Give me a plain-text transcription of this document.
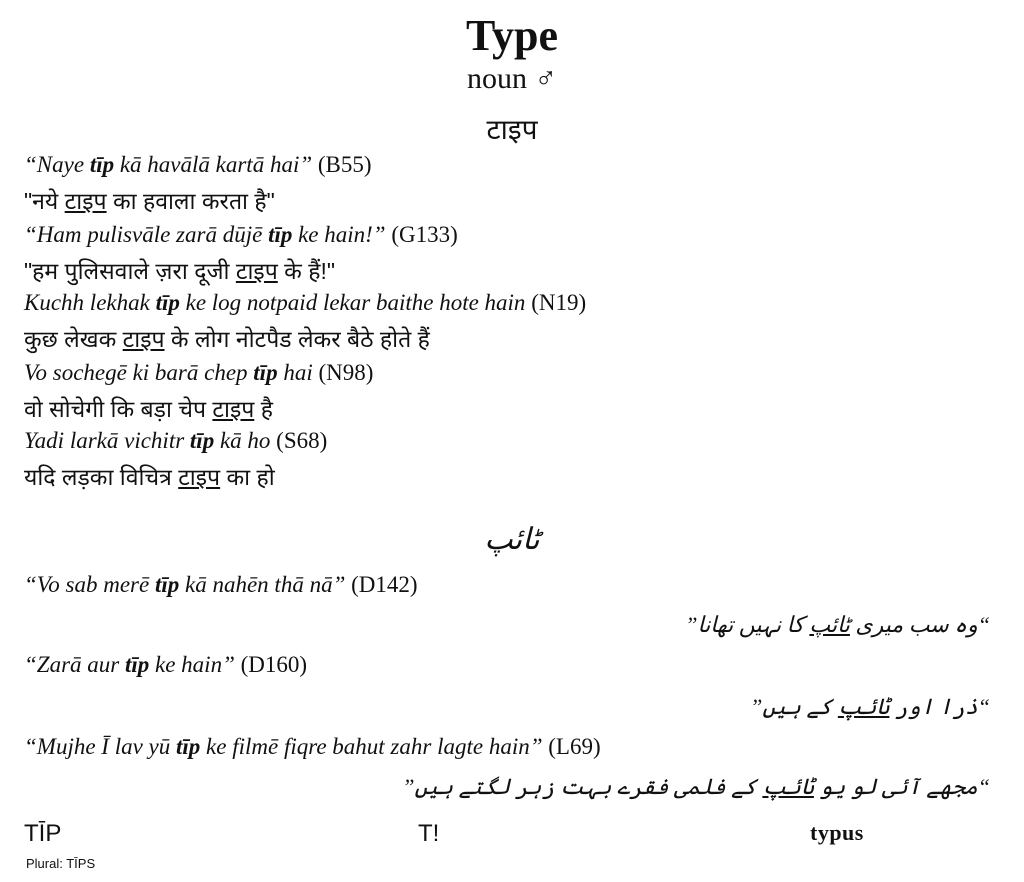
Type
noun ♂
टाइप
“Naye tīp kā havālā kartā hai” (B55)
"नये टाइप का हवाला करता है"
“Ham pulisvāle zarā dūjē tīp ke hain!” (G133)
"हम पुलिसवाले ज़रा दूजी टाइप के हैं!"
Kuchh lekhak tīp ke log notpaid lekar baithe hote hain (N19)
कुछ लेखक टाइप के लोग नोटपैड लेकर बैठे होते हैं
Vo sochegē ki barā chep tīp hai (N98)
वो सोचेगी कि बड़ा चेप टाइप है
Yadi larkā vichitr tīp kā ho (S68)
यदि लड़का विचित्र टाइप का हो
ٹائپ
“Vo sab merē tīp kā nahēn thā nā” (D142)
“وہ سب میری ٹائپ کا نہیں تھانا”
“Zarā aur tīp ke hain” (D160)
“ذرا اور ٹائپ کے ہیں”
“Mujhe Ī lav yū tīp ke filmē fiqre bahut zahr lagte hain” (L69)
“مجھے آئی لو یو ٹائپ کے فلمی فقرے بہت زہر لگتے ہیں”
TĪP
Plural: TĪPS
T!	typus
